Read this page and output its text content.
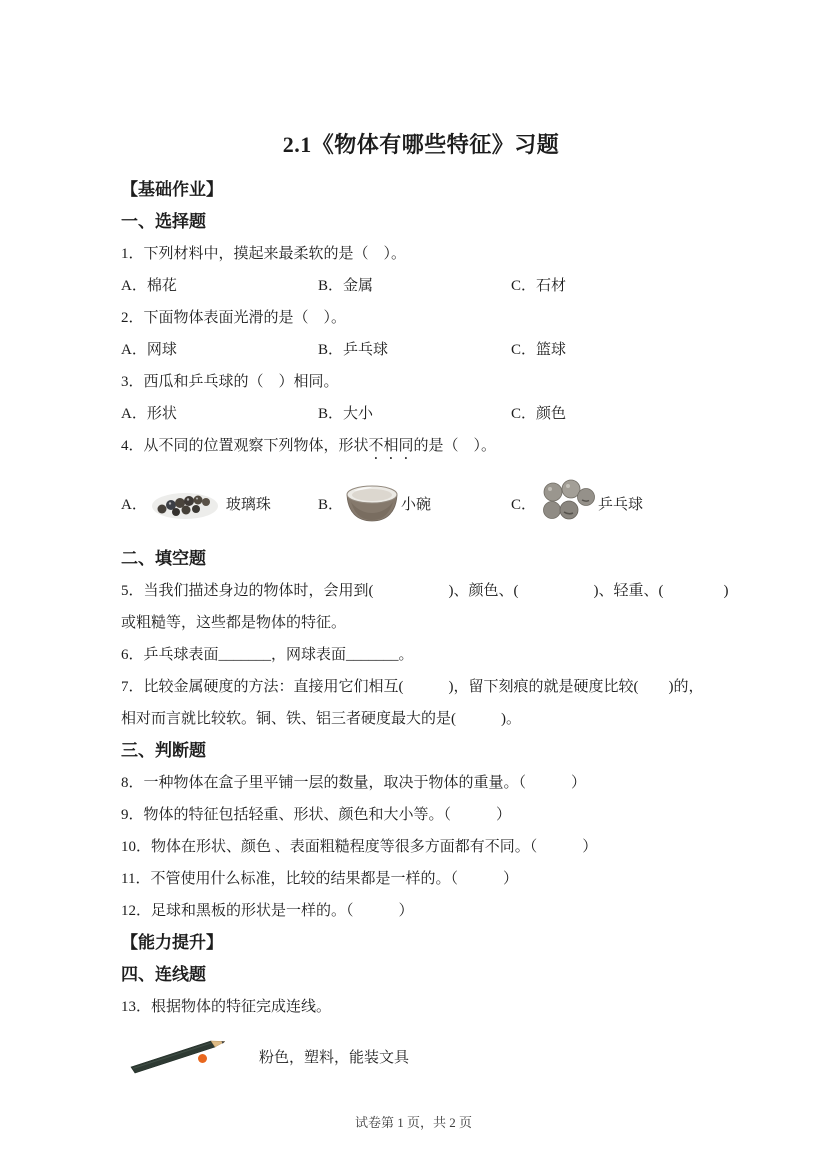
2.1《物体有哪些特征》习题
【基础作业】
一、选择题
1．下列材料中，摸起来最柔软的是（　）。
A．棉花	B．金属	C．石材
2．下面物体表面光滑的是（　）。
A．网球	B．乒乓球	C．篮球
3．西瓜和乒乓球的（　）相同。
A．形状	B．大小	C．颜色
4．从不同的位置观察下列物体，形状不相同的是（　）。
A．	玻璃珠	B．	小碗	C．	乒乓球
二、填空题
5．当我们描述身边的物体时，会用到(　　　　　)、颜色、(　　　　　)、轻重、(　　　　)
或粗糙等，这些都是物体的特征。
6．乒乓球表面_______，网球表面_______。
7．比较金属硬度的方法：直接用它们相互(　　　)，留下刻痕的就是硬度比较(　　)的，
相对而言就比较软。铜、铁、铝三者硬度最大的是(　　　)。
三、判断题
8．一种物体在盒子里平铺一层的数量，取决于物体的重量。（　　　）
9．物体的特征包括轻重、形状、颜色和大小等。（　　　）
10．物体在形状、颜色 、表面粗糙程度等很多方面都有不同。（　　　）
11．不管使用什么标准，比较的结果都是一样的。（　　　）
12．足球和黑板的形状是一样的。（　　　）
【能力提升】
四、连线题
13．根据物体的特征完成连线。
粉色，塑料，能装文具
试卷第 1 页，共 2 页
